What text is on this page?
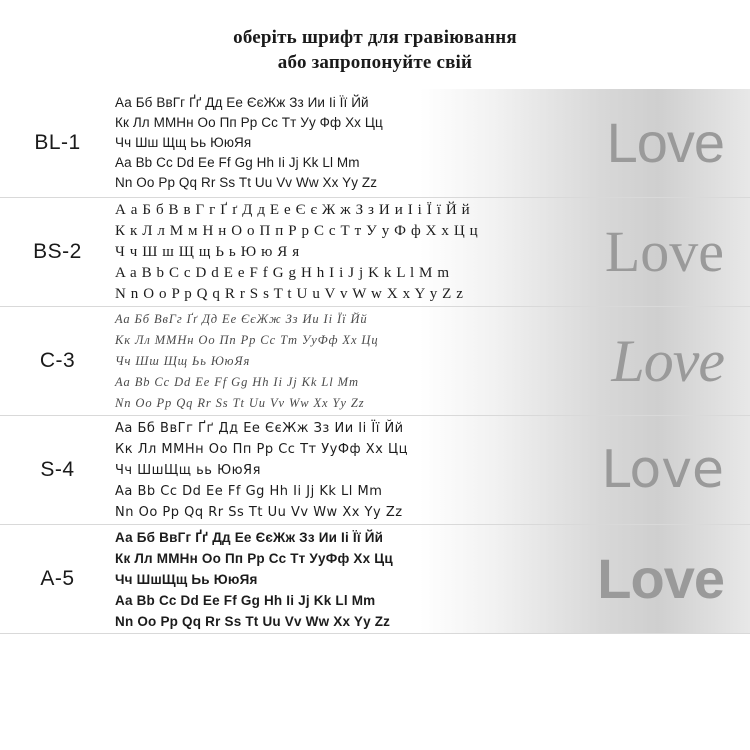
оберіть шрифт для гравіювання
або запропонуйте свій
BL-1
Аа Бб ВвГг Ґґ Дд Ее ЄєЖж Зз Ии Іі Її Йй
Кк Лл ММНн Оо Пп Рр Сс Тт Уу Фф Хх Цц
Чч Шш Щщ Ьь ЮюЯя
Aa Bb Cc Dd Ee Ff Gg Hh Ii Jj Kk Ll Mm
Nn Oo Pp Qq Rr Ss Tt Uu Vv Ww Xx Yy Zz
Love
BS-2
А а Б б В в Г г Ґ ґ Д д Е е Є є Ж ж З з И и І і Ї ї Й й
К к Л л М м Н н О о П п Р р С с Т т У у Ф ф Х х Ц ц
Ч ч Ш ш Щ щ Ь ь Ю ю Я я
A a B b C c D d E e F f G g H h I i J j K k L l M m
N n O o P p Q q R r S s T t U u V v W w X x Y y Z z
Love
C-3
Аа Бб ВвГг Ґґ Дд Ее ЄєЖж Зз Ии Іі Її Йй
Кк Лл ММНн Оо Пп Рр Сс Тт УуФф Хх Цц
Чч Шш Щщ Ьь ЮюЯя
Aa Bb Cc Dd Ee Ff Gg Hh Ii Jj Kk Ll Mm
Nn Oo Pp Qq Rr Ss Tt Uu Vv Ww Xx Yy Zz
Love
S-4
Аа Бб ВвГг Ґґ Дд Ее ЄєЖж Зз Ии Іі Її Йй
Кк Лл ММНн Оо Пп Рр Сс Тт УуФф Хх Цц
Чч ШшЩщ ьь ЮюЯя
Aa Bb Cc Dd Ee Ff Gg Hh Ii Jj Kk Ll Mm
Nn Oo Pp Qq Rr Ss Tt Uu Vv Ww Xx Yy Zz
Love
A-5
Аа Бб ВвГг Ґґ Дд Ее ЄєЖж Зз Ии Іі Її Йй
Кк Лл ММНн Оо Пп Рр Сс Тт УуФф Хх Цц
Чч ШшЩщ Ьь ЮюЯя
Aa Bb Cc Dd Ee Ff Gg Hh Ii Jj Kk Ll Mm
Nn Oo Pp Qq Rr Ss Tt Uu Vv Ww Xx Yy Zz
Love
